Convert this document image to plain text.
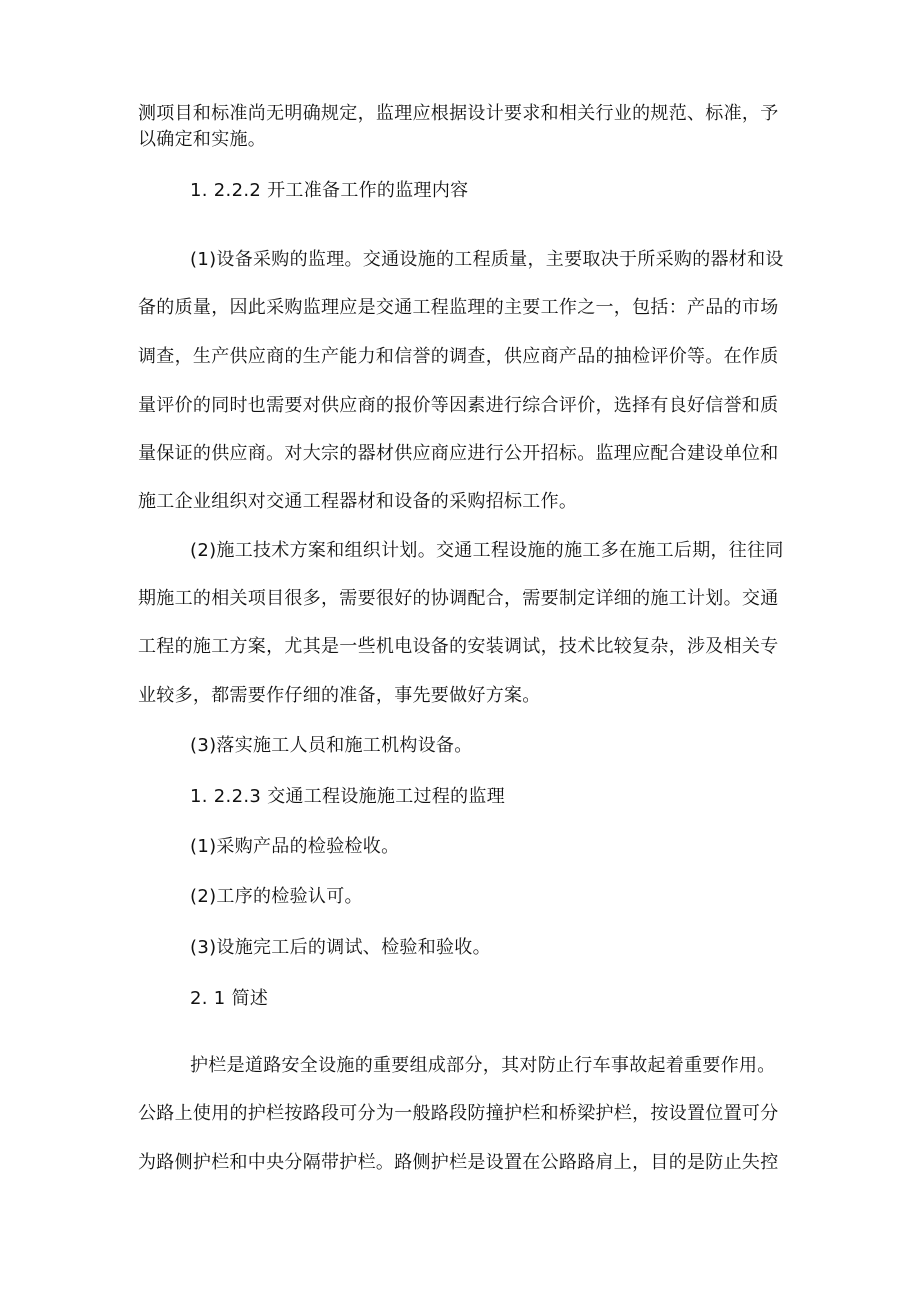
测项目和标准尚无明确规定，监理应根据设计要求和相关行业的规范、标准，予
以确定和实施。
1. 2.2.2 开工准备工作的监理内容
(1)设备采购的监理。交通设施的工程质量，主要取决于所采购的器材和设
备的质量，因此采购监理应是交通工程监理的主要工作之一，包括：产品的市场
调查，生产供应商的生产能力和信誉的调查，供应商产品的抽检评价等。在作质
量评价的同时也需要对供应商的报价等因素进行综合评价，选择有良好信誉和质
量保证的供应商。对大宗的器材供应商应进行公开招标。监理应配合建设单位和
施工企业组织对交通工程器材和设备的采购招标工作。
(2)施工技术方案和组织计划。交通工程设施的施工多在施工后期，往往同
期施工的相关项目很多，需要很好的协调配合，需要制定详细的施工计划。交通
工程的施工方案，尤其是一些机电设备的安装调试，技术比较复杂，涉及相关专
业较多，都需要作仔细的准备，事先要做好方案。
(3)落实施工人员和施工机构设备。
1. 2.2.3 交通工程设施施工过程的监理
(1)采购产品的检验检收。
(2)工序的检验认可。
(3)设施完工后的调试、检验和验收。
2. 1 简述
护栏是道路安全设施的重要组成部分，其对防止行车事故起着重要作用。
公路上使用的护栏按路段可分为一般路段防撞护栏和桥梁护栏，按设置位置可分
为路侧护栏和中央分隔带护栏。路侧护栏是设置在公路路肩上，目的是防止失控
